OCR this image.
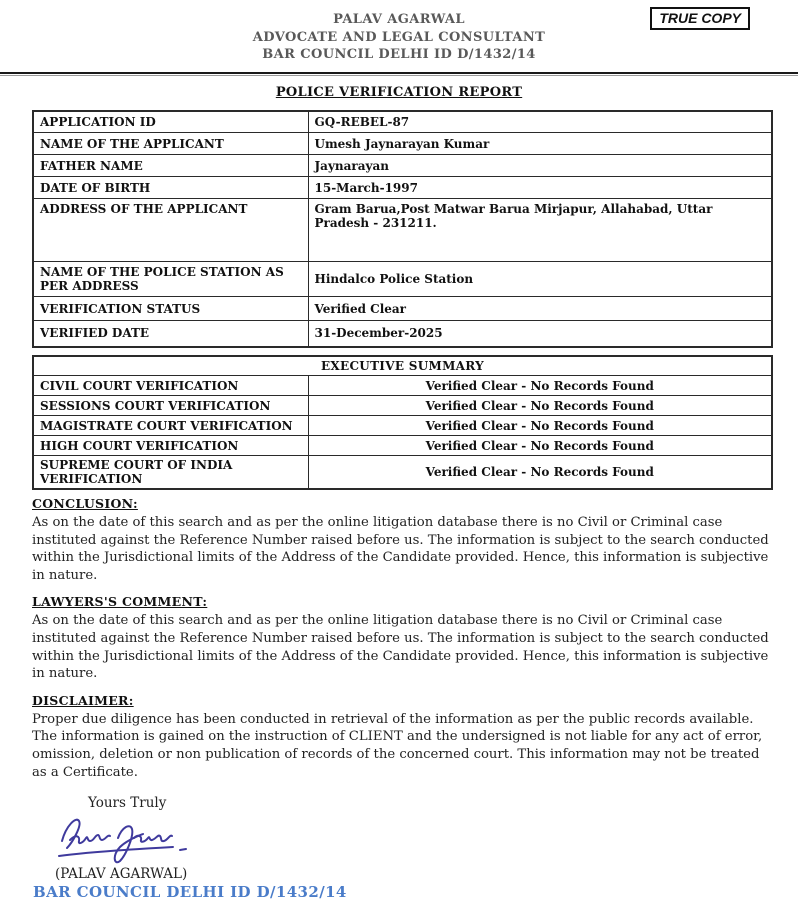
PALAV AGARWAL
ADVOCATE AND LEGAL CONSULTANT
BAR COUNCIL DELHI ID D/1432/14
TRUE COPY
POLICE VERIFICATION REPORT
APPLICATION ID	GQ-REBEL-87
NAME OF THE APPLICANT	Umesh Jaynarayan Kumar
FATHER NAME	Jaynarayan
DATE OF BIRTH	15-March-1997
ADDRESS OF THE APPLICANT	Gram Barua,Post Matwar Barua Mirjapur, Allahabad, Uttar Pradesh - 231211.
NAME OF THE POLICE STATION AS PER ADDRESS	Hindalco Police Station
VERIFICATION STATUS	Verified Clear
VERIFIED DATE	31-December-2025
EXECUTIVE SUMMARY	
CIVIL COURT VERIFICATION	Verified Clear - No Records Found
SESSIONS COURT VERIFICATION	Verified Clear - No Records Found
MAGISTRATE COURT VERIFICATION	Verified Clear - No Records Found
HIGH COURT VERIFICATION	Verified Clear - No Records Found
SUPREME COURT OF INDIA VERIFICATION	Verified Clear - No Records Found
CONCLUSION:
As on the date of this search and as per the online litigation database there is no Civil or Criminal case instituted against the Reference Number raised before us. The information is subject to the search conducted within the Jurisdictional limits of the Address of the Candidate provided. Hence, this information is subjective in nature.
LAWYERS'S COMMENT:
As on the date of this search and as per the online litigation database there is no Civil or Criminal case instituted against the Reference Number raised before us. The information is subject to the search conducted within the Jurisdictional limits of the Address of the Candidate provided. Hence, this information is subjective in nature.
DISCLAIMER:
Proper due diligence has been conducted in retrieval of the information as per the public records available. The information is gained on the instruction of CLIENT and the undersigned is not liable for any act of error, omission, deletion or non publication of records of the concerned court. This information may not be treated as a Certificate.
Yours Truly
(PALAV AGARWAL)
BAR COUNCIL DELHI ID D/1432/14
